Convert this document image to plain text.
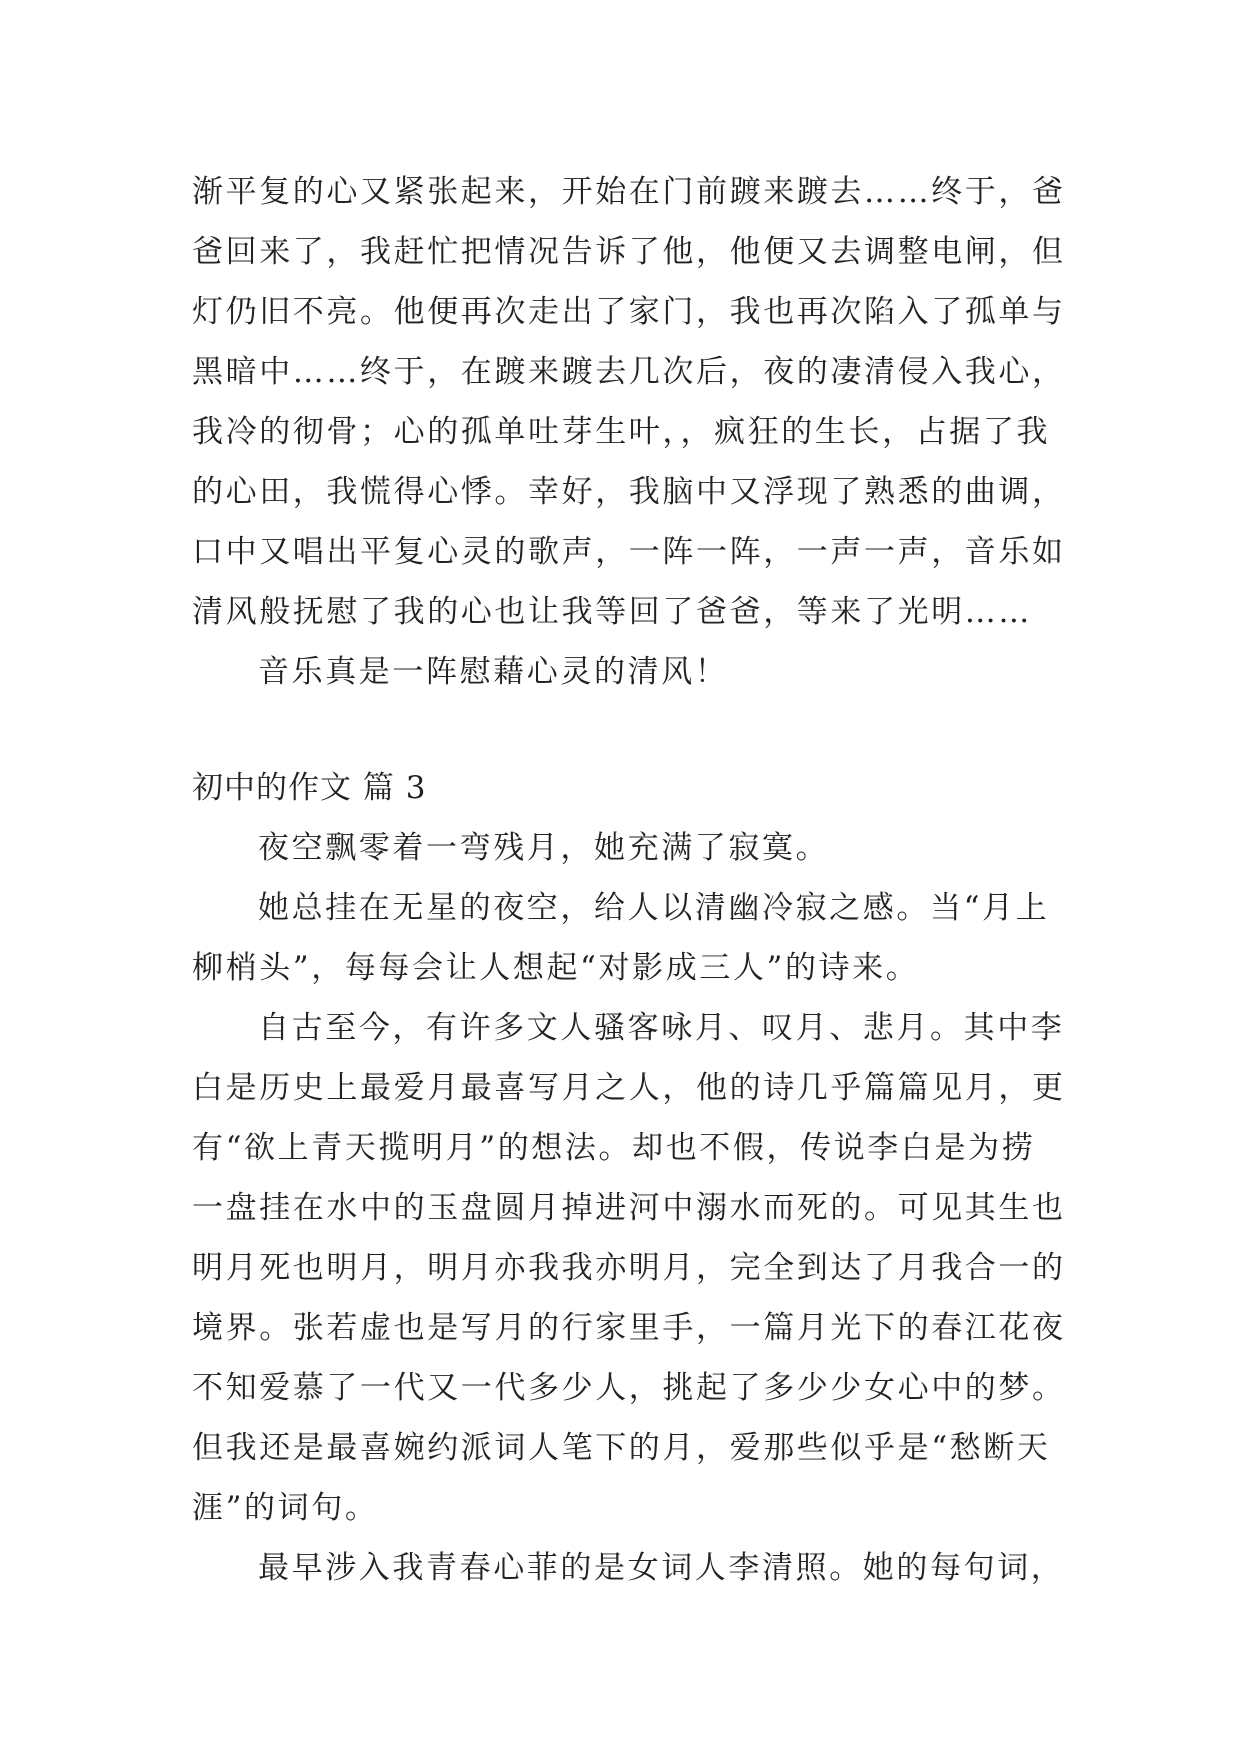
渐平复的心又紧张起来，开始在门前踱来踱去……终于，爸
爸回来了，我赶忙把情况告诉了他，他便又去调整电闸，但
灯仍旧不亮。他便再次走出了家门，我也再次陷入了孤单与
黑暗中……终于，在踱来踱去几次后，夜的凄清侵入我心，
我冷的彻骨；心的孤单吐芽生叶，，疯狂的生长，占据了我
的心田，我慌得心悸。幸好，我脑中又浮现了熟悉的曲调，
口中又唱出平复心灵的歌声，一阵一阵，一声一声，音乐如
清风般抚慰了我的心也让我等回了爸爸，等来了光明……
音乐真是一阵慰藉心灵的清风！
初中的作文 篇 3
夜空飘零着一弯残月，她充满了寂寞。
她总挂在无星的夜空，给人以清幽冷寂之感。当“月上
柳梢头”，每每会让人想起“对影成三人”的诗来。
自古至今，有许多文人骚客咏月、叹月、悲月。其中李
白是历史上最爱月最喜写月之人，他的诗几乎篇篇见月，更
有“欲上青天揽明月”的想法。却也不假，传说李白是为捞
一盘挂在水中的玉盘圆月掉进河中溺水而死的。可见其生也
明月死也明月，明月亦我我亦明月，完全到达了月我合一的
境界。张若虚也是写月的行家里手，一篇月光下的春江花夜
不知爱慕了一代又一代多少人，挑起了多少少女心中的梦。
但我还是最喜婉约派词人笔下的月，爱那些似乎是“愁断天
涯”的词句。
最早涉入我青春心菲的是女词人李清照。她的每句词，
